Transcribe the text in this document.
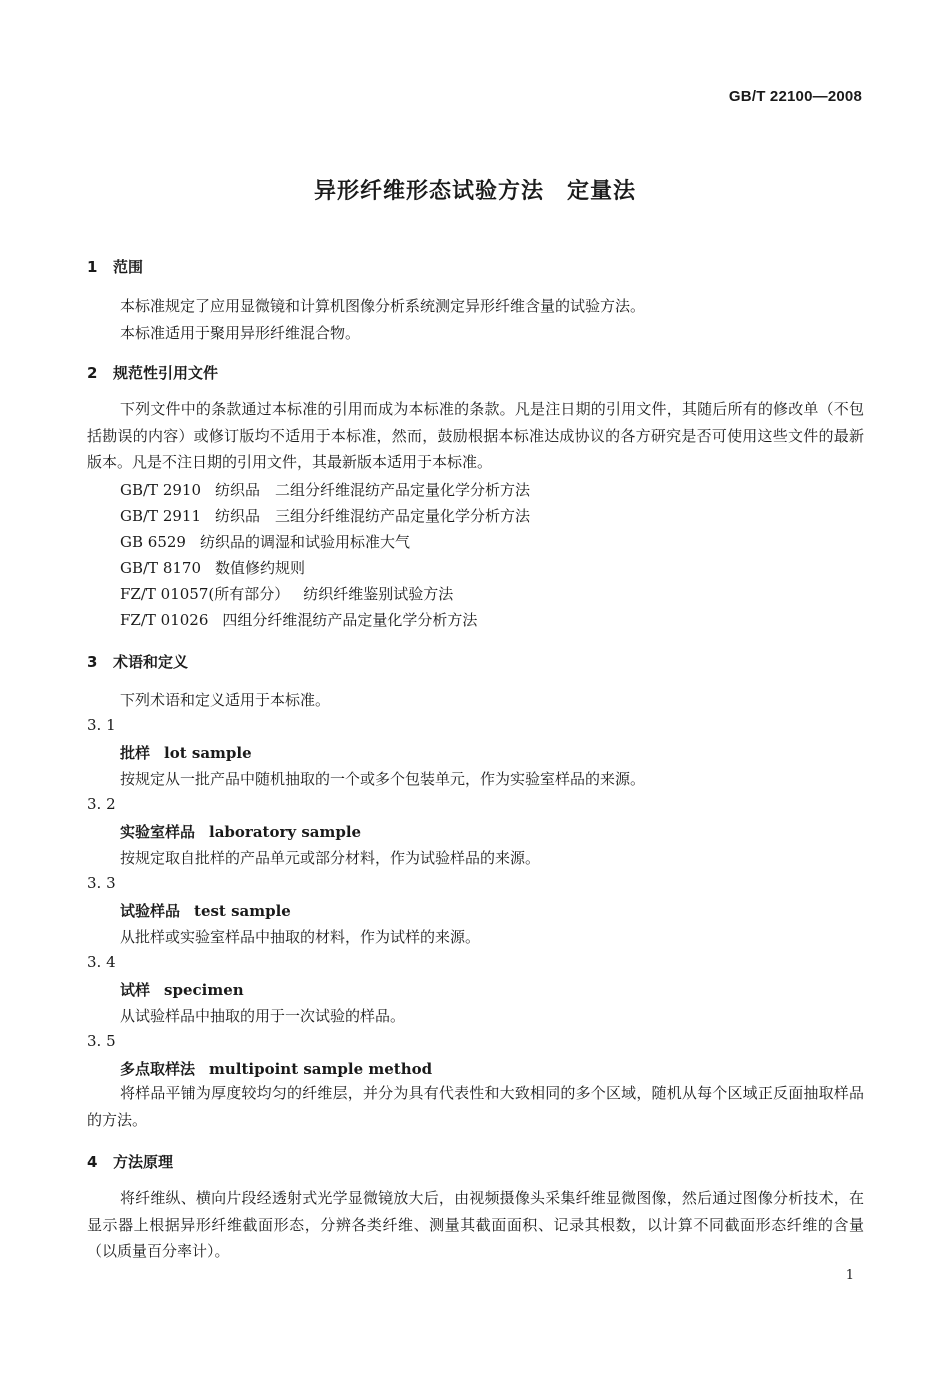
GB/T 22100—2008
异形纤维形态试验方法　定量法
1 范围
本标准规定了应用显微镜和计算机图像分析系统测定异形纤维含量的试验方法。
本标准适用于聚用异形纤维混合物。
2 规范性引用文件
下列文件中的条款通过本标准的引用而成为本标准的条款。凡是注日期的引用文件，其随后所有的修改单（不包括勘误的内容）或修订版均不适用于本标准，然而，鼓励根据本标准达成协议的各方研究是否可使用这些文件的最新版本。凡是不注日期的引用文件，其最新版本适用于本标准。
GB/T 2910 纺织品　二组分纤维混纺产品定量化学分析方法
GB/T 2911 纺织品　三组分纤维混纺产品定量化学分析方法
GB 6529 纺织品的调湿和试验用标准大气
GB/T 8170 数值修约规则
FZ/T 01057(所有部分） 纺织纤维鉴别试验方法
FZ/T 01026 四组分纤维混纺产品定量化学分析方法
3 术语和定义
下列术语和定义适用于本标准。
3. 1
批样 lot sample
按规定从一批产品中随机抽取的一个或多个包装单元，作为实验室样品的来源。
3. 2
实验室样品 laboratory sample
按规定取自批样的产品单元或部分材料，作为试验样品的来源。
3. 3
试验样品 test sample
从批样或实验室样品中抽取的材料，作为试样的来源。
3. 4
试样 specimen
从试验样品中抽取的用于一次试验的样品。
3. 5
多点取样法 multipoint sample method
将样品平铺为厚度较均匀的纤维层，并分为具有代表性和大致相同的多个区域，随机从每个区域正反面抽取样品的方法。
4 方法原理
将纤维纵、横向片段经透射式光学显微镜放大后，由视频摄像头采集纤维显微图像，然后通过图像分析技术，在显示器上根据异形纤维截面形态，分辨各类纤维、测量其截面面积、记录其根数，以计算不同截面形态纤维的含量（以质量百分率计）。
1
